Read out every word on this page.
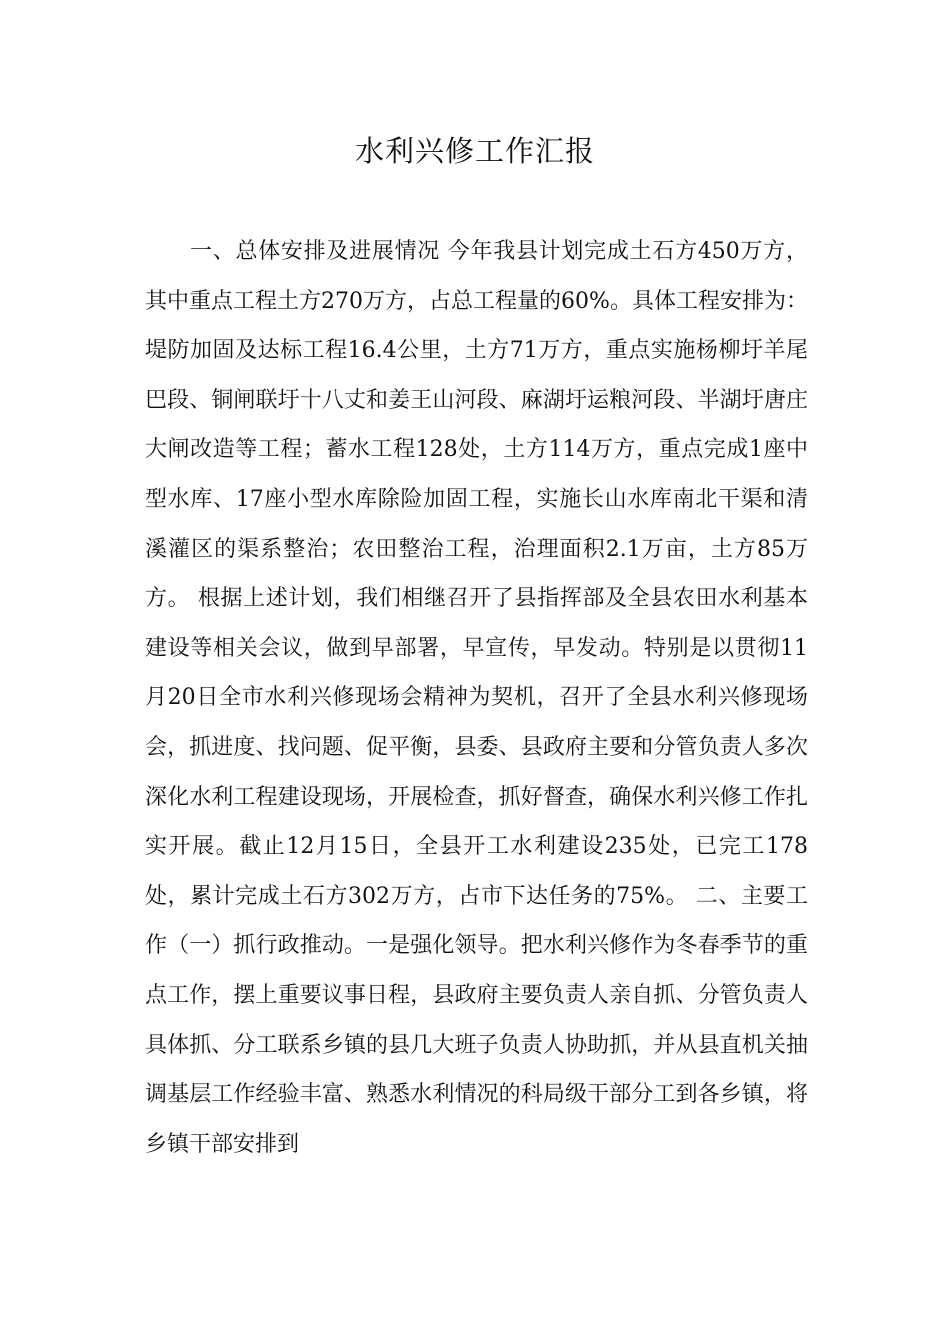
水利兴修工作汇报

一、总体安排及进展情况 今年我县计划完成土石方450万方，其中重点工程土方270万方，占总工程量的60%。具体工程安排为：堤防加固及达标工程16.4公里，土方71万方，重点实施杨柳圩羊尾巴段、铜闸联圩十八丈和姜王山河段、麻湖圩运粮河段、半湖圩唐庄大闸改造等工程；蓄水工程128处，土方114万方，重点完成1座中型水库、17座小型水库除险加固工程，实施长山水库南北干渠和清溪灌区的渠系整治；农田整治工程，治理面积2.1万亩，土方85万方。 根据上述计划，我们相继召开了县指挥部及全县农田水利基本建设等相关会议，做到早部署，早宣传，早发动。特别是以贯彻11月20日全市水利兴修现场会精神为契机，召开了全县水利兴修现场会，抓进度、找问题、促平衡，县委、县政府主要和分管负责人多次深化水利工程建设现场，开展检查，抓好督查，确保水利兴修工作扎实开展。截止12月15日，全县开工水利建设235处，已完工178处，累计完成土石方302万方，占市下达任务的75%。 二、主要工作（一）抓行政推动。一是强化领导。把水利兴修作为冬春季节的重点工作，摆上重要议事日程，县政府主要负责人亲自抓、分管负责人具体抓、分工联系乡镇的县几大班子负责人协助抓，并从县直机关抽调基层工作经验丰富、熟悉水利情况的科局级干部分工到各乡镇，将乡镇干部安排到
